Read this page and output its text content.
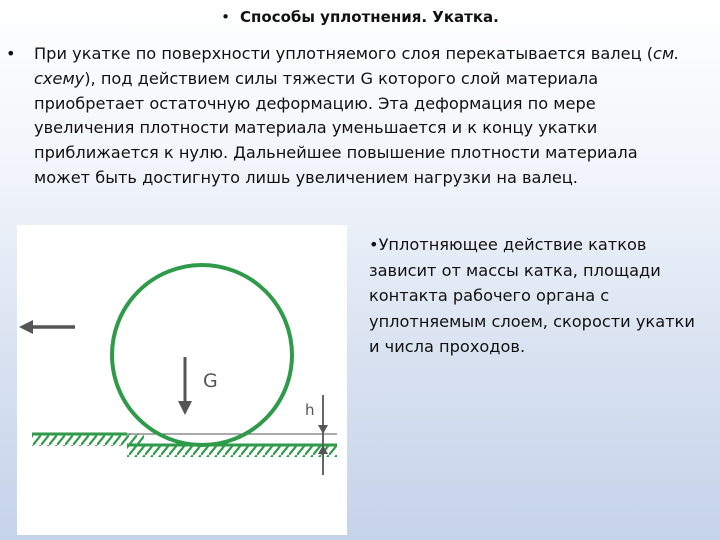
• Способы уплотнения. Укатка.
• При укатке по поверхности уплотняемого слоя перекатывается валец (см. схему), под действием силы тяжести G которого слой материала приобретает остаточную деформацию. Эта деформация по мере увеличения плотности материала уменьшается и к концу укатки приближается к нулю. Дальнейшее повышение плотности материала может быть достигнуто лишь увеличением нагрузки на валец.
G
h
•Уплотняющее действие катков зависит от массы катка, площади контакта рабочего органа с уплотняемым слоем, скорости укатки и числа проходов.
